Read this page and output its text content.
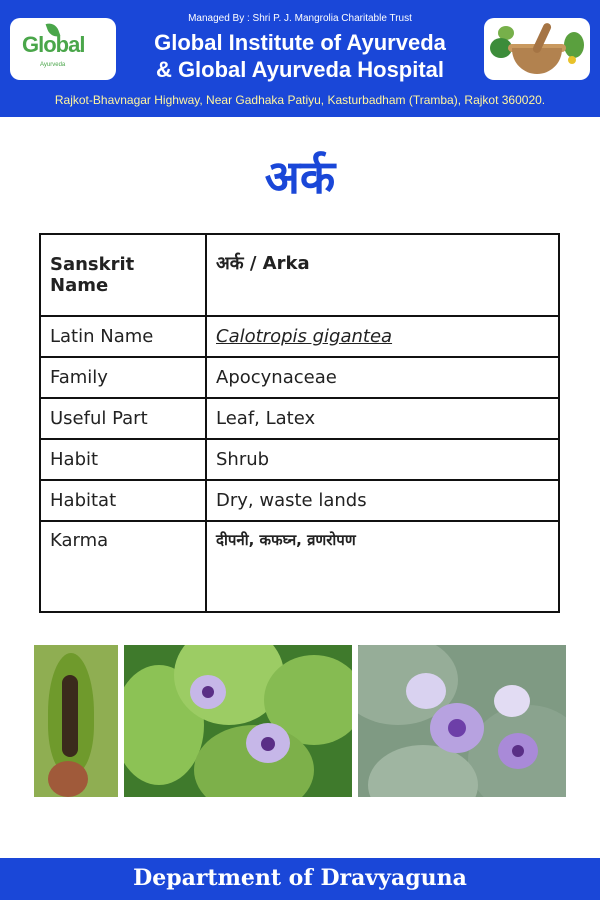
Global
Ayurveda
Managed By : Shri P. J. Mangrolia Charitable Trust
Global Institute of Ayurveda
& Global Ayurveda Hospital
Rajkot-Bhavnagar Highway, Near Gadhaka Patiyu, Kasturbadham (Tramba), Rajkot 360020.
अर्क
Sanskrit Name	अर्क / Arka
Latin Name	Calotropis gigantea
Family	Apocynaceae
Useful Part	Leaf, Latex
Habit	Shrub
Habitat	Dry, waste lands
Karma	दीपनी, कफघ्न, व्रणरोपण
Department of Dravyaguna
